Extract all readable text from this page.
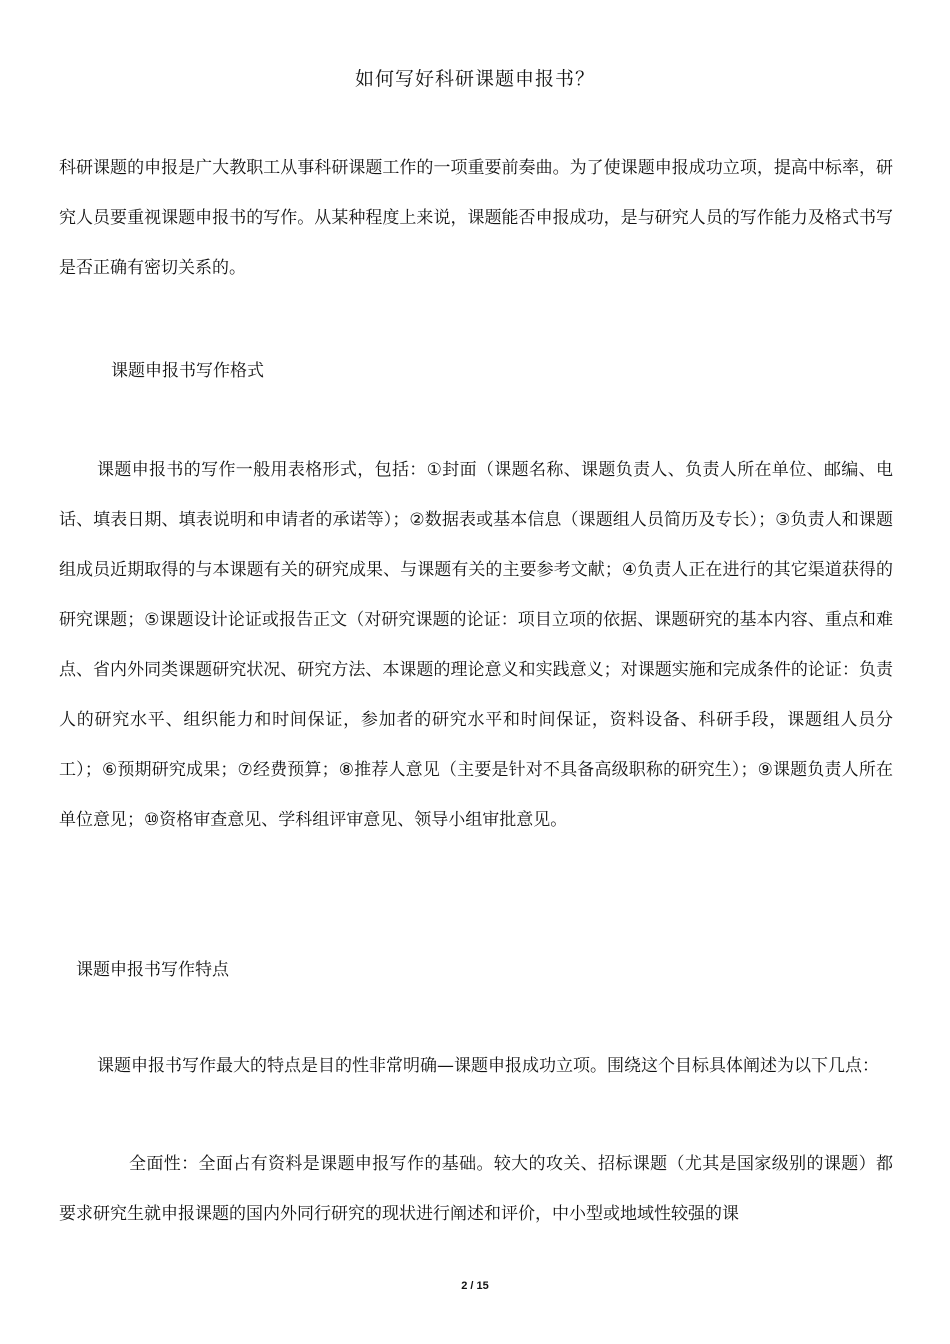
如何写好科研课题申报书？

科研课题的申报是广大教职工从事科研课题工作的一项重要前奏曲。为了使课题申报成功立项，提高中标率，研究人员要重视课题申报书的写作。从某种程度上来说，课题能否申报成功，是与研究人员的写作能力及格式书写是否正确有密切关系的。

课题申报书写作格式

课题申报书的写作一般用表格形式，包括：①封面（课题名称、课题负责人、负责人所在单位、邮编、电话、填表日期、填表说明和申请者的承诺等）；②数据表或基本信息（课题组人员简历及专长）；③负责人和课题组成员近期取得的与本课题有关的研究成果、与课题有关的主要参考文献；④负责人正在进行的其它渠道获得的研究课题；⑤课题设计论证或报告正文（对研究课题的论证：项目立项的依据、课题研究的基本内容、重点和难点、省内外同类课题研究状况、研究方法、本课题的理论意义和实践意义；对课题实施和完成条件的论证：负责人的研究水平、组织能力和时间保证，参加者的研究水平和时间保证，资料设备、科研手段，课题组人员分工）；⑥预期研究成果；⑦经费预算；⑧推荐人意见（主要是针对不具备高级职称的研究生）；⑨课题负责人所在单位意见；⑩资格审查意见、学科组评审意见、领导小组审批意见。

课题申报书写作特点

课题申报书写作最大的特点是目的性非常明确—课题申报成功立项。围绕这个目标具体阐述为以下几点：

全面性：全面占有资料是课题申报写作的基础。较大的攻关、招标课题（尤其是国家级别的课题）都要求研究生就申报课题的国内外同行研究的现状进行阐述和评价，中小型或地域性较强的课

2 / 15
